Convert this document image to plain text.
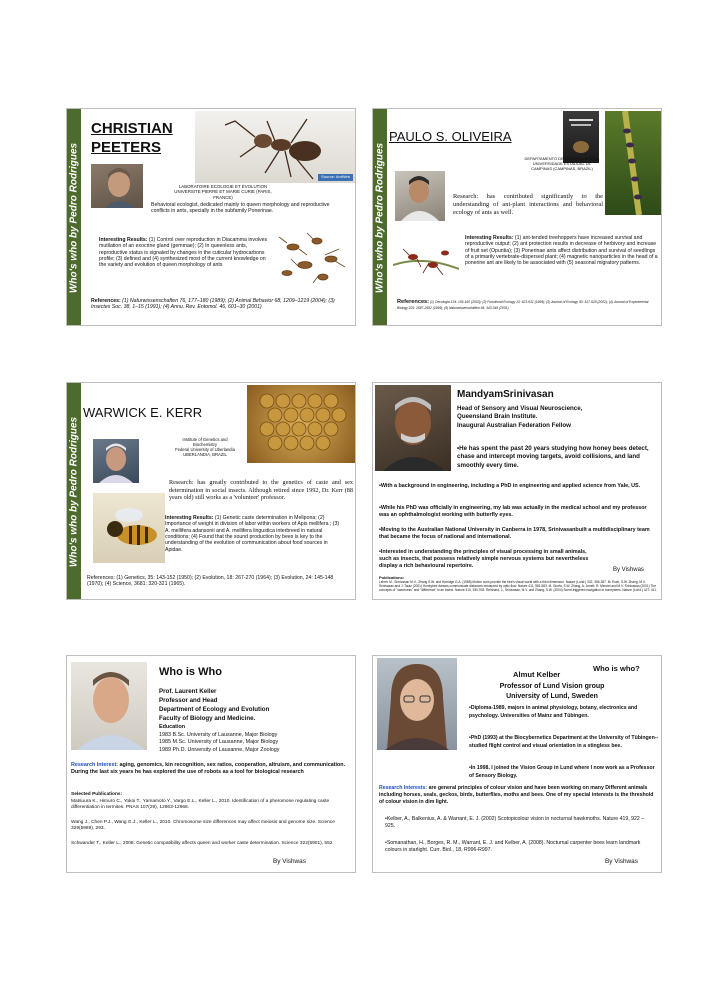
Who's who by Pedro Rodrigues
CHRISTIAN
PEETERS
Source: AntWeb
LABORATOIRE ECOLOGIE ET EVOLUTION
UNIVERSITE PIERRE ET MARIE CURIE (PARIS,
FRANCE)
Behavioral ecologist, dedicated mainly to queen morphology and reproductive conflicts in ants, specially in the subfamily Ponerinae.
Interesting Results: (1) Control over reproduction in Diacamma involves mutilation of an exocrine gland (gemmae); (2) In queenless ants, reproductive status is signaled by changes in the cuticular hydrocarbons profile; (3) defined and (4) synthesized most of the current knowledge on the variety and evolution of queen morphology of ants
References: (1) Naturwissenschaften 76, 177–180 (1989); (2) Animal Behavior 68, 1209–1219 (2004); (3) Insectes Soc. 38, 1–15 (1991); (4) Annu. Rev. Entomol. 46, 601–30 (2001)
Who's who by Pedro Rodrigues
PAULO S. OLIVEIRA
DEPARTAMENTO DE BIOLOGIA ANIMAL
UNIVERSIDADE ESTADUAL DE
CAMPINAS (CAMPINAS, BRAZIL)
Research: has contributed significantly to the understanding of ant-plant interactions and behavioral ecology of ants as well.
Interesting Results: (1) ant-tended treehoppers have increased survival and reproductive output; (2) ant protection results in decrease of herbivory and increase of fruit set (Opuntia); (3) Ponerinae ants affect distribution and survival of seedlings of a primarily vertebrate-dispersed plant; (4) magnetic nanoparticles in the head of a ponerine ant are likely to be associated with (5) seasonal migratory patterns.
References: (1) Oecologia 134: 155-160 (2003); (2) Functional Ecology 13: 623-631 (1999); (3) Journal of Ecology 90: 517-528 (2002); (4) Journal of Experimental Biology 201: 2687-2692 (1999); (5) Naturwissenschaften 84: 343-346 (2001)
Who's who by Pedro Rodrigues
WARWICK E. KERR
Institute of Genetics and
Biochemistry
Federal University of Uberlandia
UBERLANDIA, BRAZIL
Research: has greatly contributed to the genetics of caste and sex determination in social insects. Although retired since 1992, Dr. Kerr (88 years old) still works as a 'volunteer' professor.
Interesting Results: (1) Genetic caste determination in Melipona; (2) Importance of weight in division of labor within workers of Apis mellifera ; (3) A. mellifera adansonii and A. mellifera lingustica interbreed in natural conditions; (4) Found that the sound production by bees is key to the understanding of the evolution of communication about food sources in Apidae.
References: (1) Genetics, 35: 143-152 (1950); (2) Evolution, 18: 267-270 (1964); (3) Evolution, 24: 145-148 (1970); (4) Science, 3681: 320-321 (1965).
MandyamSrinivasan
Head of Sensory and Visual Neuroscience,
Queensland Brain Institute.
Inaugural Australian Federation Fellow
• He has spent the past 20 years studying how honey bees detect, chase and intercept moving targets, avoid collisions, and land smoothly every time.
• With a background in engineering, including a PhD in engineering and applied science from Yale, US.
• While his PhD was officially in engineering, my lab was actually in the medical school and my professor was an ophthalmologist working with butterfly eyes.
• Moving to the Australian National University in Canberra in 1978, Srinivasanbuilt a multidisciplinary team that became the focus of national and international.
• Interested in understanding the principles of visual processing in small animals, such as insects, that possess relatively simple nervous systems but nevertheless display a rich behavioural repertoire.
By Vishwas
Publications:
Lehrer M., Srinivasan M.V., Zhang S.W. and Horridge G.A. (1988) Motion cues provide the bee's visual world with a third dimension. Nature (Lond.) 332, 356-357. M. Esch, S.W. Zhang, M.V. Srinivasan and J. Tautz (2001) Honeybee dances communicate distances measured by optic flow. Nature 411, 581-583. M. Giurfa, S.W. Zhang, A. Jenett, R. Menzel and M.V. Srinivasan (2001) The concepts of "sameness" and "difference" in an insect. Nature 410, 930-933. Reinhard, J., Srinivasan, M.V. and Zhang, S.W. (2004) Scent-triggered navigation in honeybees. Nature (Lond.) 427: 411.
Who is Who
Prof. Laurent Keller
Professor and Head
Department of Ecology and Evolution
Faculty of Biology and Medicine.
Education
1983 B.Sc. University of Lausanne, Major Biology
1985 M.Sc. University of Lausanne, Major Biology
1989 Ph.D. University of Lausanne, Major Zoology
Research Interest: aging, genomics, kin recognition, sex ratios, cooperation, altruism, and communication. During the last six years he has explored the use of robots as a tool for biological research
Selected Publications:
Matsuura K., Himuro C., Yokoi T., Yamamoto Y., Vargo E.L., Keller L., 2010. Identification of a pheromone regulating caste differentiation in termites. PNAS 107(29), 12963-12968.
Wang J., Chen P.J., Wang G.J., Keller L., 2010. Chromosome size differences may affect meiosis and genome size. Science 329(5989), 293.
Schwander T., Keller L., 2008. Genetic compatibility affects queen and worker caste determination. Science 322(5901), 552.
By Vishwas
Who is who?
Almut Kelber
Professor of Lund Vision group
University of Lund, Sweden
• Diploma-1989, majors in animal physiology, botany, electronics and psychology. Universities of Mainz and Tübingen.
• PhD (1993) at the Biocybernetics Department at the University of Tübingen-- studied flight control and visual orientation in a stingless bee.
• In 1998, I joined the Vision Group in Lund where I now work as a Professor of Sensory Biology.
Research Interests: are general principles of colour vision and have been working on many Different animals including horses, seals, geckos, birds, butterflies, moths and bees. One of my special interests is the threshold of colour vision in dim light.
• Kelber, A., Balkenius, A. & Warrant, E. J. (2002) Scotopicolour vision in nocturnal hawkmoths. Nature 419, 922 – 925.
• Somanathan, H., Borges, R. M., Warrant, E. J. and Kelber, A. (2008). Nocturnal carpenter bees learn landmark colours in starlight. Curr. Biol., 18, R996-R997.
By Vishwas
